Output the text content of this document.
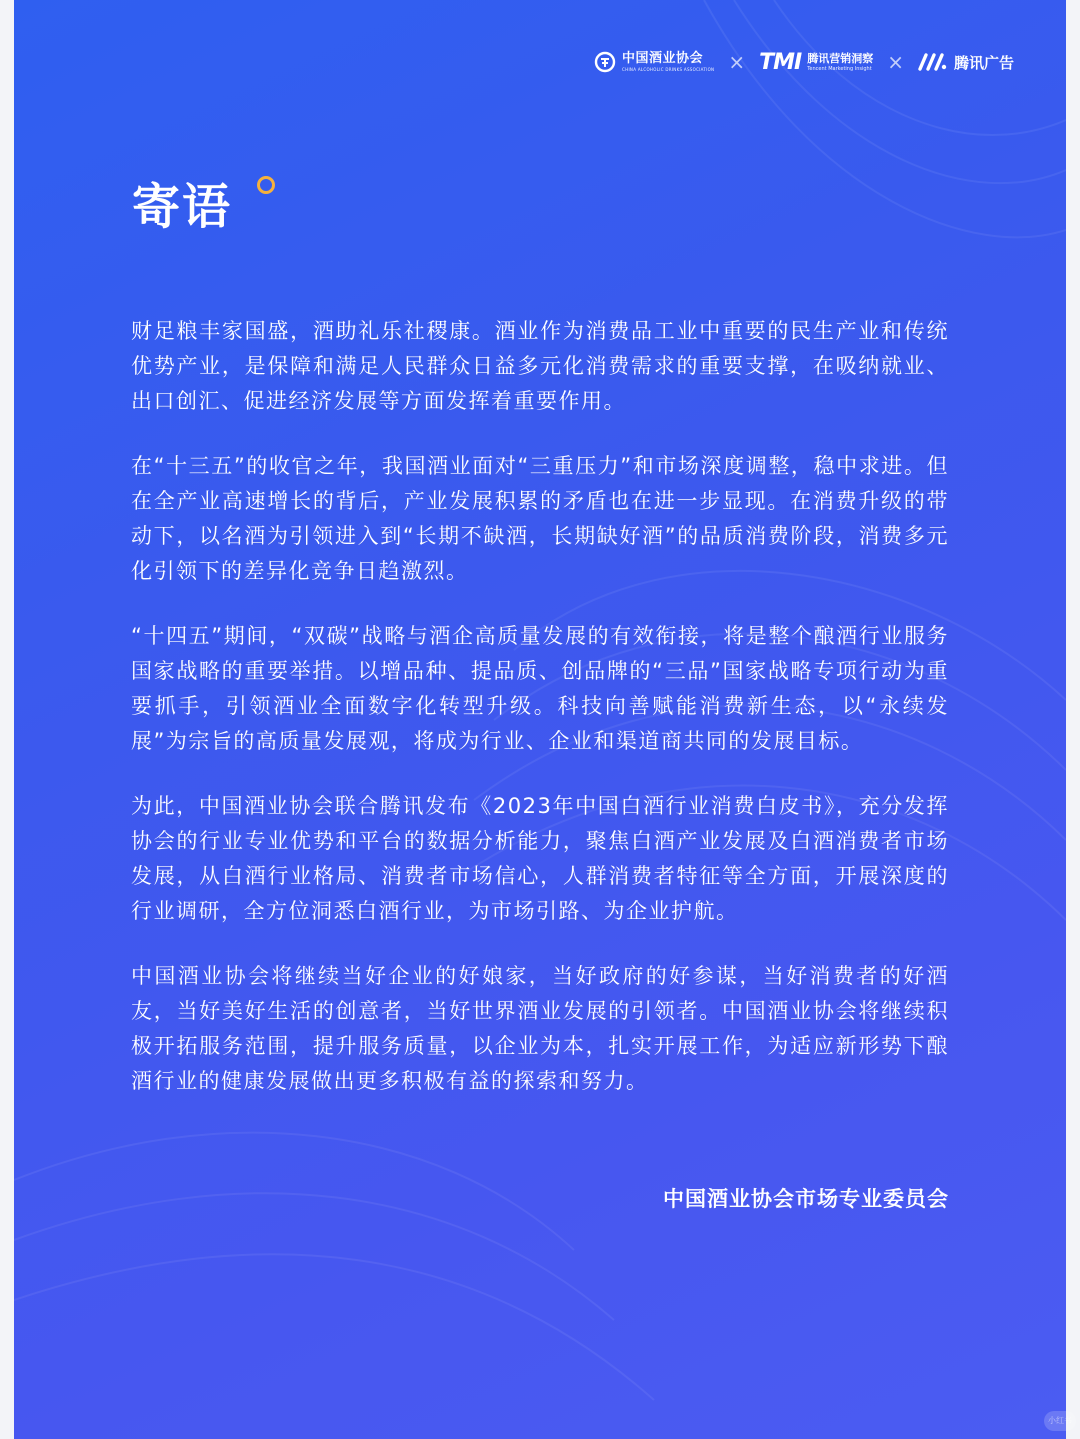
中国酒业协会
CHINA ALCOHOLIC DRINKS ASSOCIATION × TMI 腾讯营销洞察
Tencent Marketing Insight ×	腾讯广告
寄语

财足粮丰家国盛，酒助礼乐社稷康。酒业作为消费品工业中重要的民生产业和传统优势产业，是保障和满足人民群众日益多元化消费需求的重要支撑，在吸纳就业、出口创汇、促进经济发展等方面发挥着重要作用。

在“十三五”的收官之年，我国酒业面对“三重压力”和市场深度调整，稳中求进。但在全产业高速增长的背后，产业发展积累的矛盾也在进一步显现。在消费升级的带动下，以名酒为引领进入到“长期不缺酒，长期缺好酒”的品质消费阶段，消费多元化引领下的差异化竞争日趋激烈。

“十四五”期间，“双碳”战略与酒企高质量发展的有效衔接，将是整个酿酒行业服务国家战略的重要举措。以增品种、提品质、创品牌的“三品”国家战略专项行动为重要抓手，引领酒业全面数字化转型升级。科技向善赋能消费新生态，以“永续发展”为宗旨的高质量发展观，将成为行业、企业和渠道商共同的发展目标。

为此，中国酒业协会联合腾讯发布《2023年中国白酒行业消费白皮书》，充分发挥协会的行业专业优势和平台的数据分析能力，聚焦白酒产业发展及白酒消费者市场发展，从白酒行业格局、消费者市场信心，人群消费者特征等全方面，开展深度的行业调研，全方位洞悉白酒行业，为市场引路、为企业护航。

中国酒业协会将继续当好企业的好娘家，当好政府的好参谋，当好消费者的好酒友，当好美好生活的创意者，当好世界酒业发展的引领者。中国酒业协会将继续积极开拓服务范围，提升服务质量，以企业为本，扎实开展工作，为适应新形势下酿酒行业的健康发展做出更多积极有益的探索和努力。

中国酒业协会市场专业委员会
小红书
